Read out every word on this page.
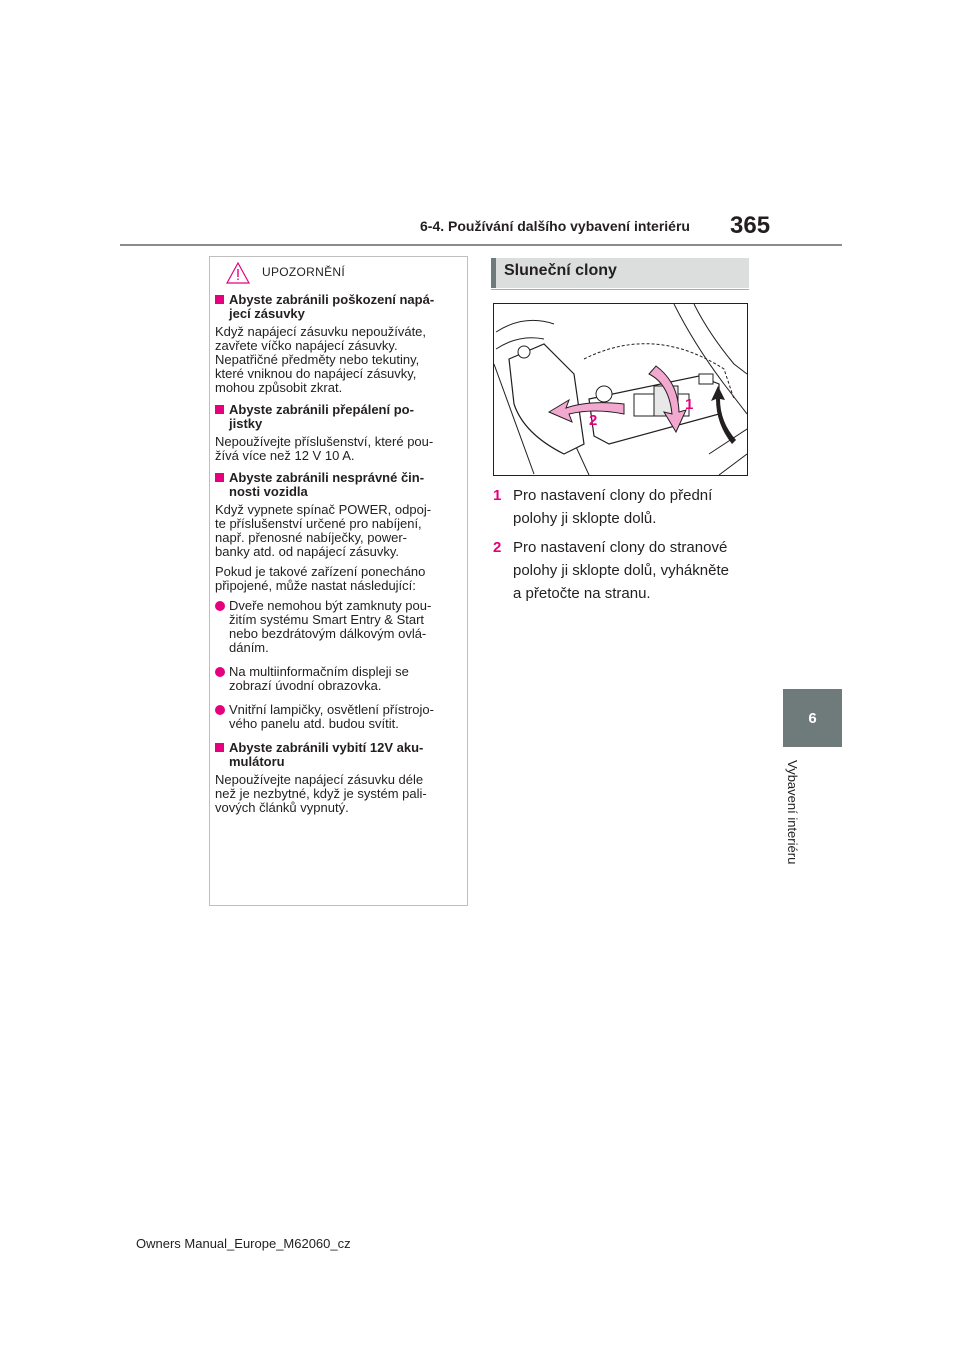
6-4. Používání dalšího vybavení interiéru 365
6
Vybavení interiéru
UPOZORNĚNÍ
Abyste zabránili poškození napá-
jecí zásuvky
Když napájecí zásuvku nepoužíváte,
zavřete víčko napájecí zásuvky.
Nepatřičné předměty nebo tekutiny,
které vniknou do napájecí zásuvky,
mohou způsobit zkrat.
Abyste zabránili přepálení po-
jistky
Nepoužívejte příslušenství, které pou-
žívá více než 12 V 10 A.
Abyste zabránili nesprávné čin-
nosti vozidla
Když vypnete spínač POWER, odpoj-
te příslušenství určené pro nabíjení,
např. přenosné nabíječky, power-
banky atd. od napájecí zásuvky.
Pokud je takové zařízení ponecháno
připojené, může nastat následující:
Dveře nemohou být zamknuty pou-
žitím systému Smart Entry & Start
nebo bezdrátovým dálkovým ovlá-
dáním.
Na multiinformačním displeji se
zobrazí úvodní obrazovka.
Vnitřní lampičky, osvětlení přístrojo-
vého panelu atd. budou svítit.
Abyste zabránili vybití 12V aku-
mulátoru
Nepoužívejte napájecí zásuvku déle
než je nezbytné, když je systém pali-
vových článků vypnutý.
Sluneční clony
1
2
1 Pro nastavení clony do přední
polohy ji sklopte dolů.
2 Pro nastavení clony do stranové
polohy ji sklopte dolů, vyhákněte
a přetočte na stranu.
Owners Manual_Europe_M62060_cz
